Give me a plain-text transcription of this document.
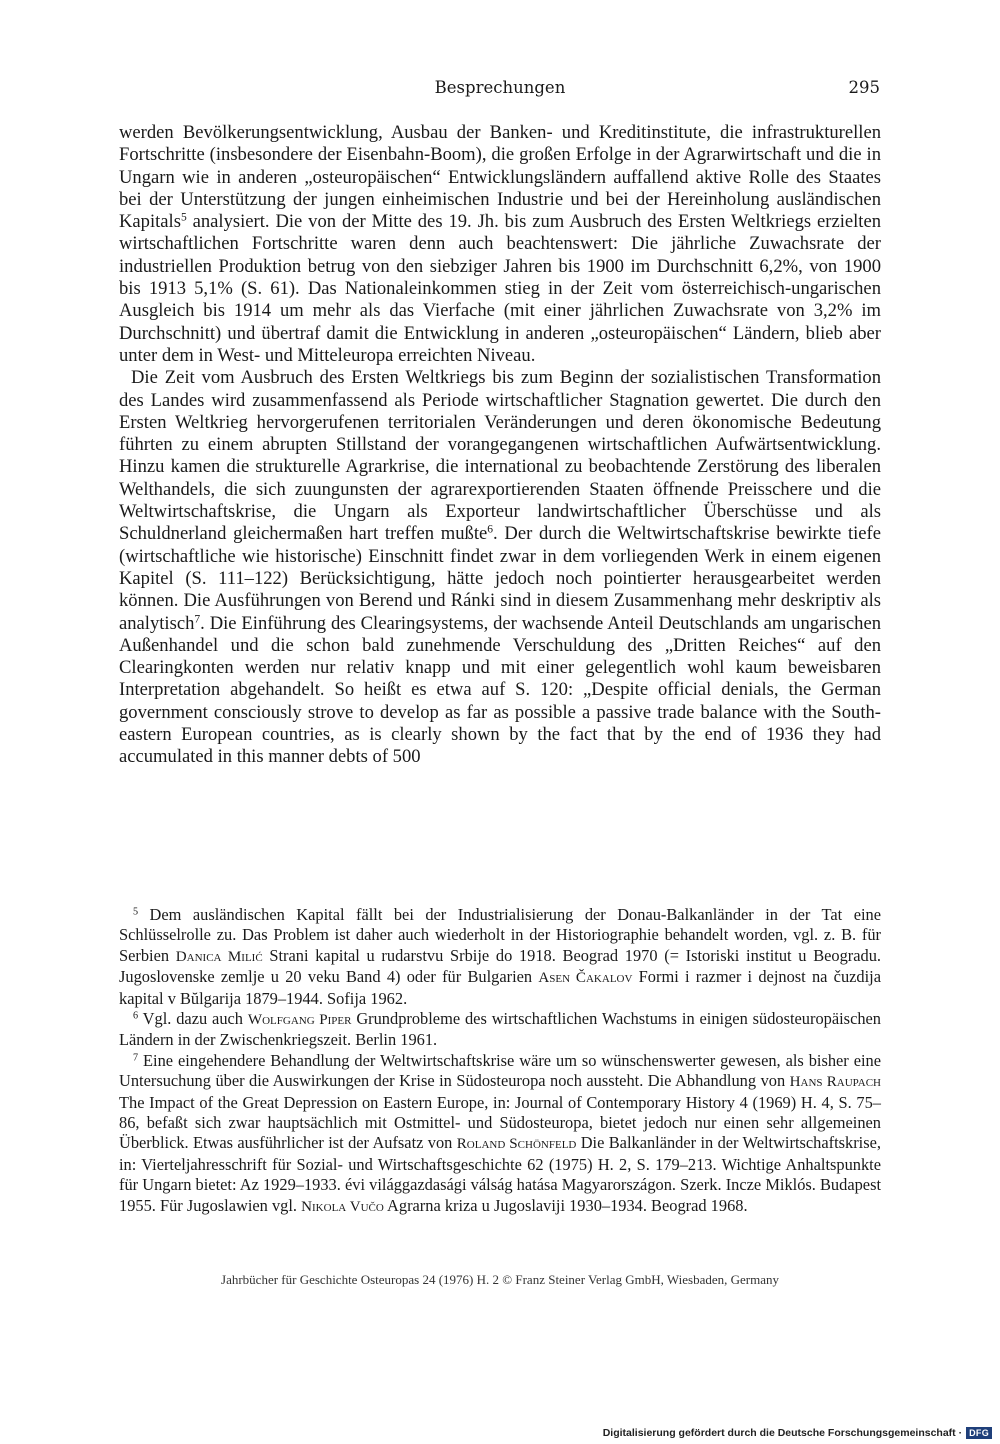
Besprechungen	295

werden Bevölkerungsentwicklung, Ausbau der Banken- und Kreditinstitute, die infrastrukturellen Fortschritte (insbesondere der Eisenbahn-Boom), die großen Erfolge in der Agrarwirtschaft und die in Ungarn wie in anderen „osteuropäischen“ Entwicklungsländern auffallend aktive Rolle des Staates bei der Unterstützung der jungen einheimischen Industrie und bei der Hereinholung ausländischen Kapitals$^5$ analysiert. Die von der Mitte des 19. Jh. bis zum Ausbruch des Ersten Weltkriegs erzielten wirtschaftlichen Fortschritte waren denn auch beachtenswert: Die jährliche Zuwachsrate der industriellen Produktion betrug von den siebziger Jahren bis 1900 im Durchschnitt 6,2%, von 1900 bis 1913 5,1% (S. 61). Das Nationaleinkommen stieg in der Zeit vom österreichisch-ungarischen Ausgleich bis 1914 um mehr als das Vierfache (mit einer jährlichen Zuwachsrate von 3,2% im Durchschnitt) und übertraf damit die Entwicklung in anderen „osteuropäischen“ Ländern, blieb aber unter dem in West- und Mitteleuropa erreichten Niveau.

Die Zeit vom Ausbruch des Ersten Weltkriegs bis zum Beginn der sozialistischen Transformation des Landes wird zusammenfassend als Periode wirtschaftlicher Stagnation gewertet. Die durch den Ersten Weltkrieg hervorgerufenen territorialen Veränderungen und deren ökonomische Bedeutung führten zu einem abrupten Stillstand der vorangegangenen wirtschaftlichen Aufwärtsentwicklung. Hinzu kamen die strukturelle Agrarkrise, die international zu beobachtende Zerstörung des liberalen Welthandels, die sich zuungunsten der agrarexportierenden Staaten öffnende Preisschere und die Weltwirtschaftskrise, die Ungarn als Exporteur landwirtschaftlicher Überschüsse und als Schuldnerland gleichermaßen hart treffen mußte$^6$. Der durch die Weltwirtschaftskrise bewirkte tiefe (wirtschaftliche wie historische) Einschnitt findet zwar in dem vorliegenden Werk in einem eigenen Kapitel (S. 111–122) Berücksichtigung, hätte jedoch noch pointierter herausgearbeitet werden können. Die Ausführungen von Berend und Ránki sind in diesem Zusammenhang mehr deskriptiv als analytisch$^7$. Die Einführung des Clearingsystems, der wachsende Anteil Deutschlands am ungarischen Außenhandel und die schon bald zunehmende Verschuldung des „Dritten Reiches“ auf den Clearingkonten werden nur relativ knapp und mit einer gelegentlich wohl kaum beweisbaren Interpretation abgehandelt. So heißt es etwa auf S. 120: „Despite official denials, the German government consciously strove to develop as far as possible a passive trade balance with the South-eastern European countries, as is clearly shown by the fact that by the end of 1936 they had accumulated in this manner debts of 500

$^5$ Dem ausländischen Kapital fällt bei der Industrialisierung der Donau-Balkanländer in der Tat eine Schlüsselrolle zu. Das Problem ist daher auch wiederholt in der Historiographie behandelt worden, vgl. z. B. für Serbien Danica Milić Strani kapital u rudarstvu Srbije do 1918. Beograd 1970 (= Istoriski institut u Beogradu. Jugoslovenske zemlje u 20 veku Band 4) oder für Bulgarien Asen Čakalov Formi i razmer i dejnost na čuzdija kapital v Bŭlgarija 1879–1944. Sofija 1962.

$^6$ Vgl. dazu auch Wolfgang Piper Grundprobleme des wirtschaftlichen Wachstums in einigen südosteuropäischen Ländern in der Zwischenkriegszeit. Berlin 1961.

$^7$ Eine eingehendere Behandlung der Weltwirtschaftskrise wäre um so wünschenswerter gewesen, als bisher eine Untersuchung über die Auswirkungen der Krise in Südosteuropa noch aussteht. Die Abhandlung von Hans Raupach The Impact of the Great Depression on Eastern Europe, in: Journal of Contemporary History 4 (1969) H. 4, S. 75–86, befaßt sich zwar hauptsächlich mit Ostmittel- und Südosteuropa, bietet jedoch nur einen sehr allgemeinen Überblick. Etwas ausführlicher ist der Aufsatz von Roland Schönfeld Die Balkanländer in der Weltwirtschaftskrise, in: Vierteljahresschrift für Sozial- und Wirtschaftsgeschichte 62 (1975) H. 2, S. 179–213. Wichtige Anhaltspunkte für Ungarn bietet: Az 1929–1933. évi világgazdasági válság hatása Magyarországon. Szerk. Incze Miklós. Budapest 1955. Für Jugoslawien vgl. Nikola Vučo Agrarna kriza u Jugoslaviji 1930–1934. Beograd 1968.

Jahrbücher für Geschichte Osteuropas 24 (1976) H. 2 © Franz Steiner Verlag GmbH, Wiesbaden, Germany
Digitalisierung gefördert durch die Deutsche Forschungsgemeinschaft · DFG
